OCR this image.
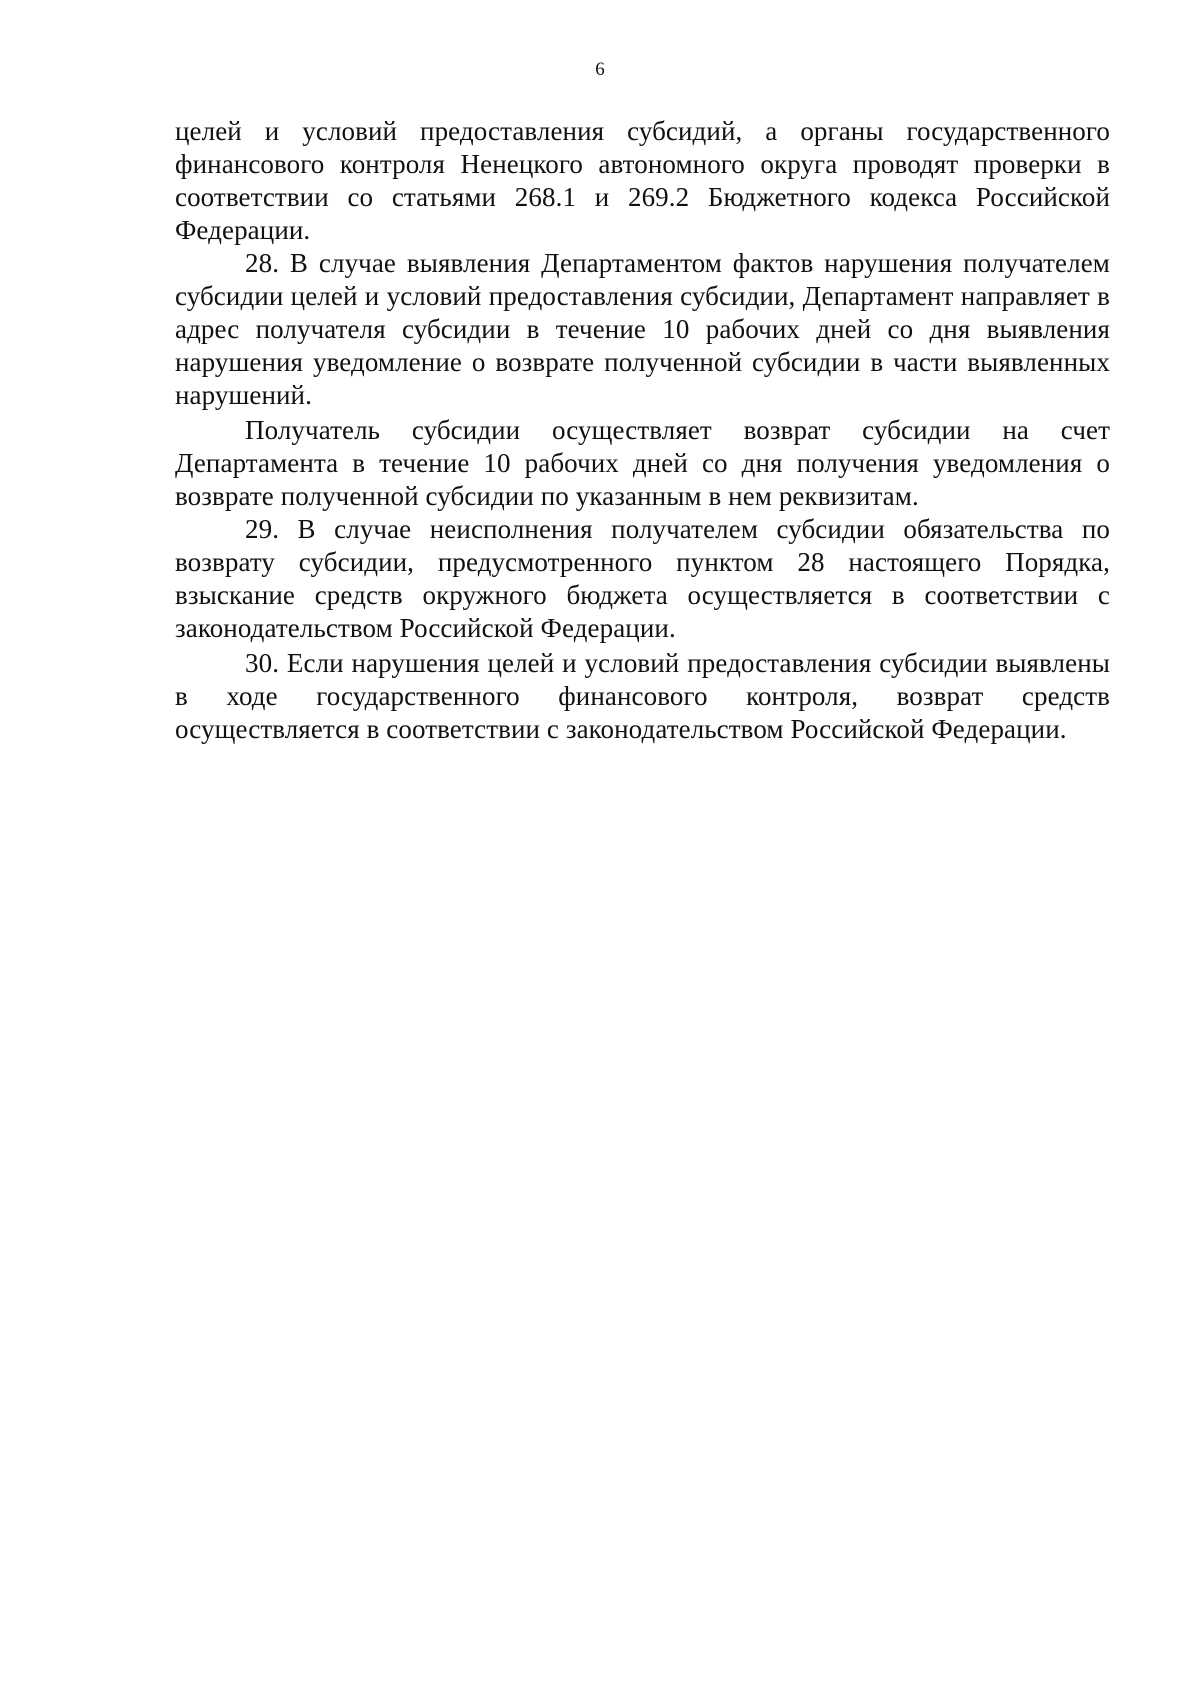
6

целей и условий предоставления субсидий, а органы государственного финансового контроля Ненецкого автономного округа проводят проверки в соответствии со статьями 268.1 и 269.2 Бюджетного кодекса Российской Федерации.

28. В случае выявления Департаментом фактов нарушения получателем субсидии целей и условий предоставления субсидии, Департамент направляет в адрес получателя субсидии в течение 10 рабочих дней со дня выявления нарушения уведомление о возврате полученной субсидии в части выявленных нарушений.

Получатель субсидии осуществляет возврат субсидии на счет Департамента в течение 10 рабочих дней со дня получения уведомления о возврате полученной субсидии по указанным в нем реквизитам.

29. В случае неисполнения получателем субсидии обязательства по возврату субсидии, предусмотренного пунктом 28 настоящего Порядка, взыскание средств окружного бюджета осуществляется в соответствии с законодательством Российской Федерации.

30. Если нарушения целей и условий предоставления субсидии выявлены в ходе государственного финансового контроля, возврат средств осуществляется в соответствии с законодательством Российской Федерации.
